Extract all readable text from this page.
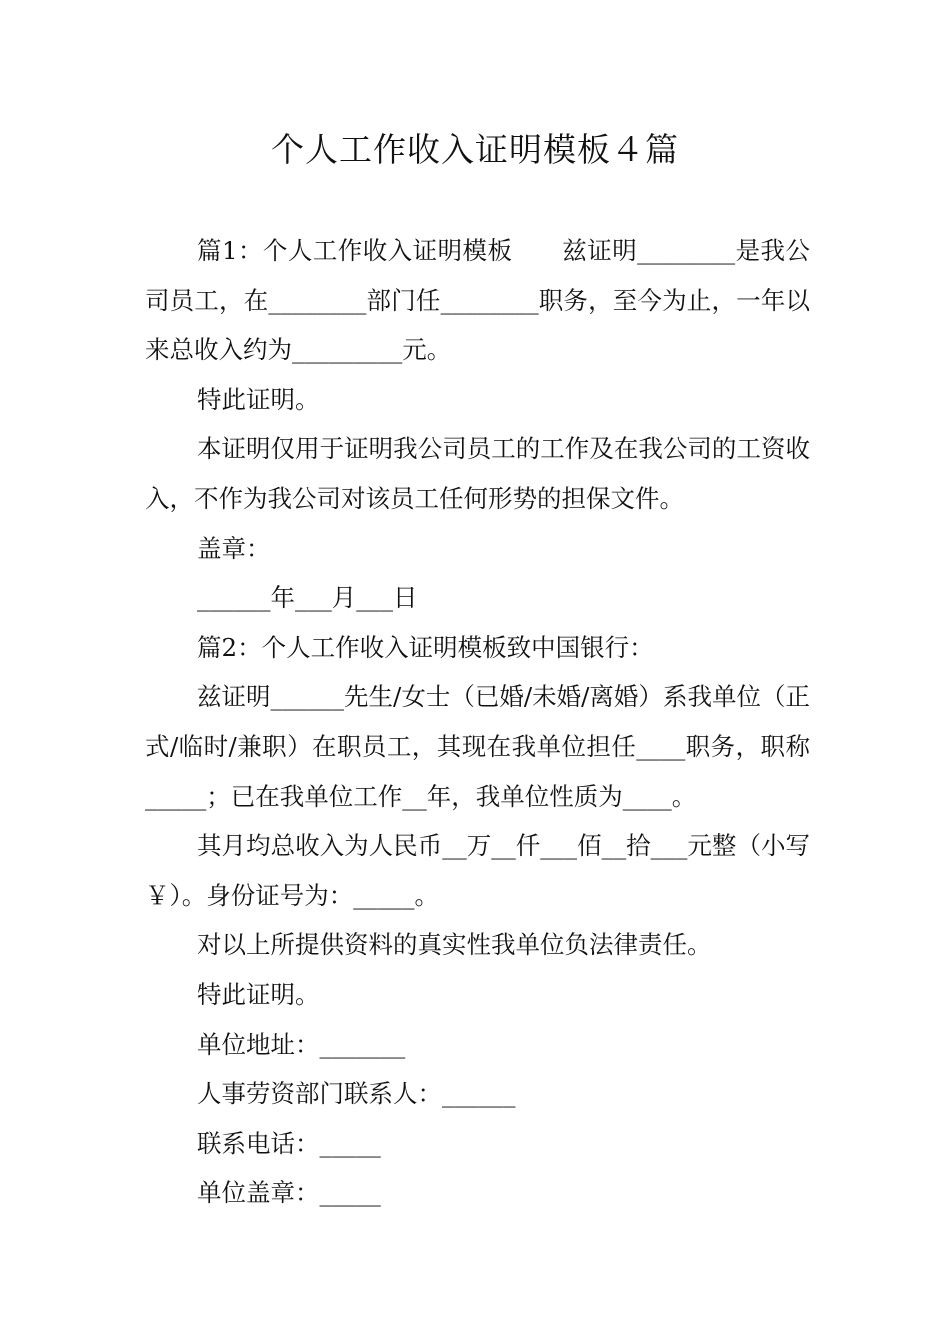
个人工作收入证明模板４篇

篇1：个人工作收入证明模板　　兹证明________是我公司员工，在________部门任________职务，至今为止，一年以来总收入约为_________元。

特此证明。

本证明仅用于证明我公司员工的工作及在我公司的工资收入，不作为我公司对该员工任何形势的担保文件。

盖章：

______年___月___日

篇2：个人工作收入证明模板致中国银行：

兹证明______先生/女士（已婚/未婚/离婚）系我单位（正式/临时/兼职）在职员工，其现在我单位担任____职务，职称_____；已在我单位工作__年，我单位性质为____。

其月均总收入为人民币__万__仟___佰__拾___元整（小写￥）。身份证号为：_____。

对以上所提供资料的真实性我单位负法律责任。

特此证明。

单位地址：_______

人事劳资部门联系人：______

联系电话：_____

单位盖章：_____
